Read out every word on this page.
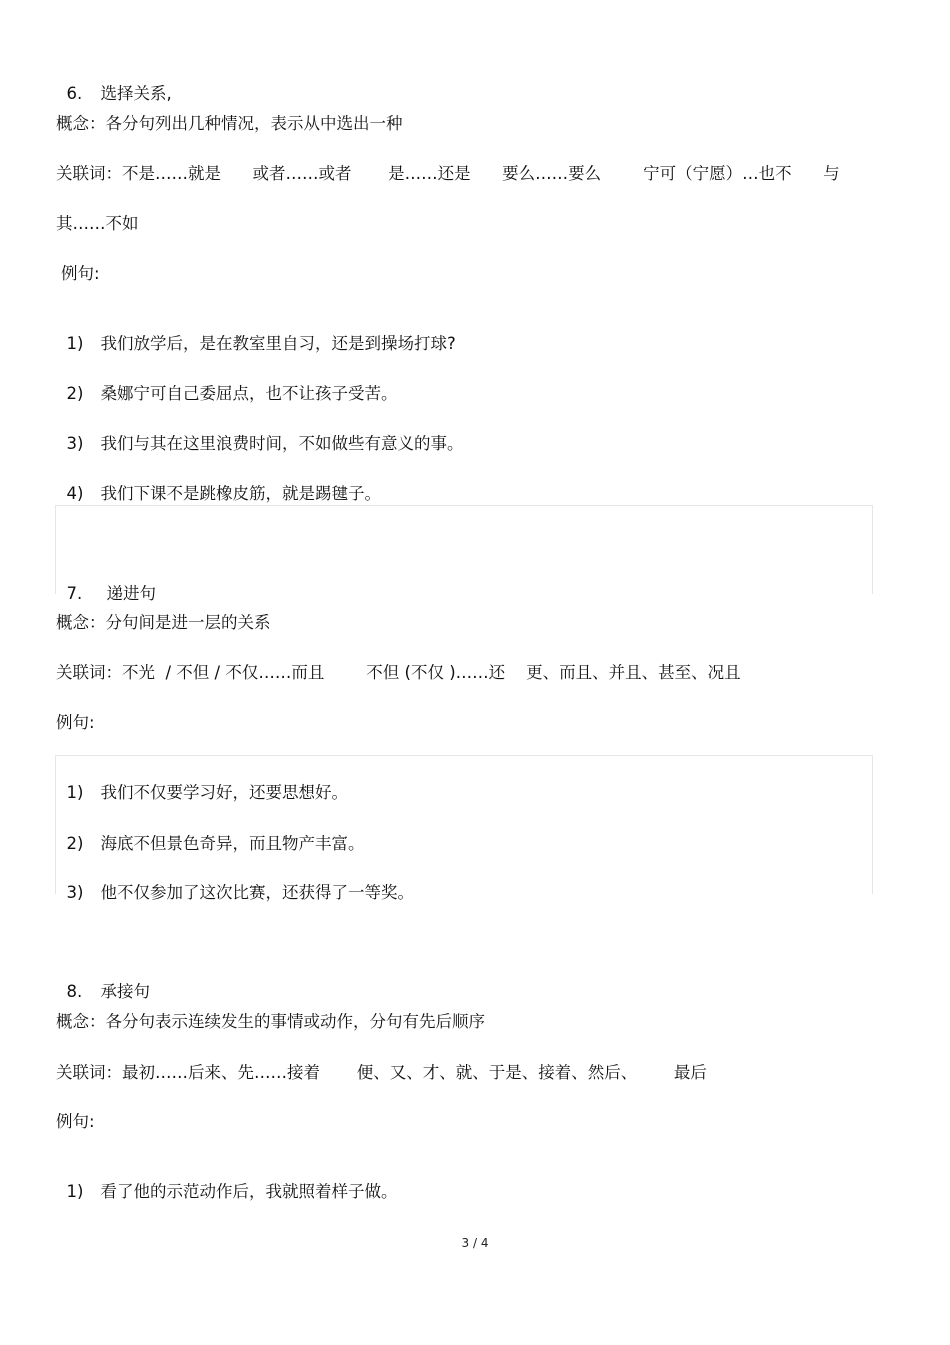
6. 选择关系,

概念：各分句列出几种情况，表示从中选出一种
关联词：不是……就是      或者……或者       是……还是      要么……要么        宁可（宁愿）…也不      与
其……不如
例句:

1) 我们放学后，是在教室里自习，还是到操场打球?

2) 桑娜宁可自己委屈点，也不让孩子受苦。

3) 我们与其在这里浪费时间，不如做些有意义的事。

4) 我们下课不是跳橡皮筋，就是踢毽子。

7. 递进句

概念：分句间是进一层的关系
关联词：不光  / 不但 / 不仅……而且        不但 (不仅 )……还    更、而且、并且、甚至、况且
例句:

1) 我们不仅要学习好，还要思想好。

2) 海底不但景色奇异，而且物产丰富。

3) 他不仅参加了这次比赛，还获得了一等奖。

8. 承接句

概念：各分句表示连续发生的事情或动作，分句有先后顺序
关联词：最初……后来、先……接着       便、又、才、就、于是、接着、然后、       最后
例句:

1) 看了他的示范动作后，我就照着样子做。

3 / 4
